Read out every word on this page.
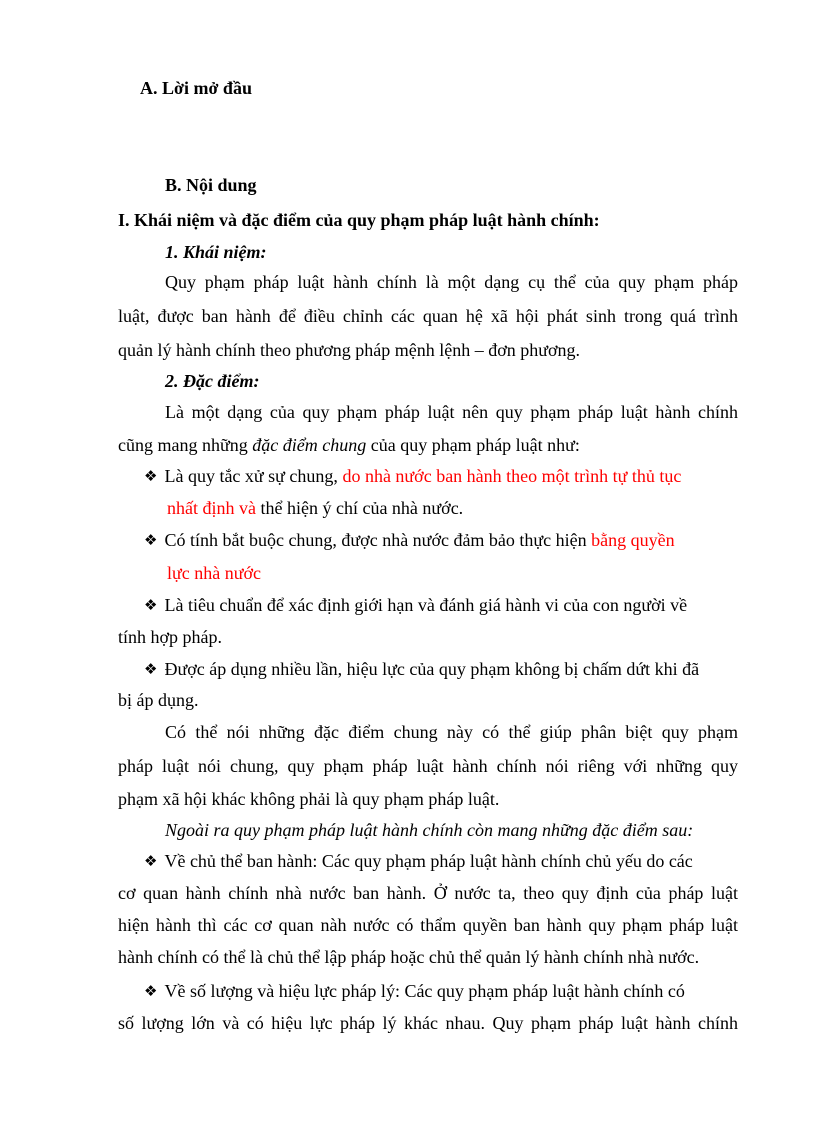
A. Lời mở đầu
B. Nội dung
I. Khái niệm và đặc điểm của quy phạm pháp luật hành chính:
1. Khái niệm:
Quy phạm pháp luật hành chính là một dạng cụ thể của quy phạm pháp
luật, được ban hành để điều chỉnh các quan hệ xã hội phát sinh trong quá trình
quản lý hành chính theo phương pháp mệnh lệnh – đơn phương.
2. Đặc điểm:
Là một dạng của quy phạm pháp luật nên quy phạm pháp luật hành chính
cũng mang những đặc điểm chung của quy phạm pháp luật như:
❖ Là quy tắc xử sự chung, do nhà nước ban hành theo một trình tự thủ tục
nhất định và thể hiện ý chí của nhà nước.
❖ Có tính bắt buộc chung, được nhà nước đảm bảo thực hiện bằng quyền
lực nhà nước
❖ Là tiêu chuẩn để xác định giới hạn và đánh giá hành vi của con người về
tính hợp pháp.
❖ Được áp dụng nhiều lần, hiệu lực của quy phạm không bị chấm dứt khi đã
bị áp dụng.
Có thể nói những đặc điểm chung này có thể giúp phân biệt quy phạm
pháp luật nói chung, quy phạm pháp luật hành chính nói riêng với những quy
phạm xã hội khác không phải là quy phạm pháp luật.
Ngoài ra quy phạm pháp luật hành chính còn mang những đặc điểm sau:
❖ Về chủ thể ban hành: Các quy phạm pháp luật hành chính chủ yếu do các
cơ quan hành chính nhà nước ban hành. Ở nước ta, theo quy định của pháp luật
hiện hành thì các cơ quan nàh nước có thẩm quyền ban hành quy phạm pháp luật
hành chính có thể là chủ thể lập pháp hoặc chủ thể quản lý hành chính nhà nước.
❖ Về số lượng và hiệu lực pháp lý: Các quy phạm pháp luật hành chính có
số lượng lớn và có hiệu lực pháp lý khác nhau. Quy phạm pháp luật hành chính
